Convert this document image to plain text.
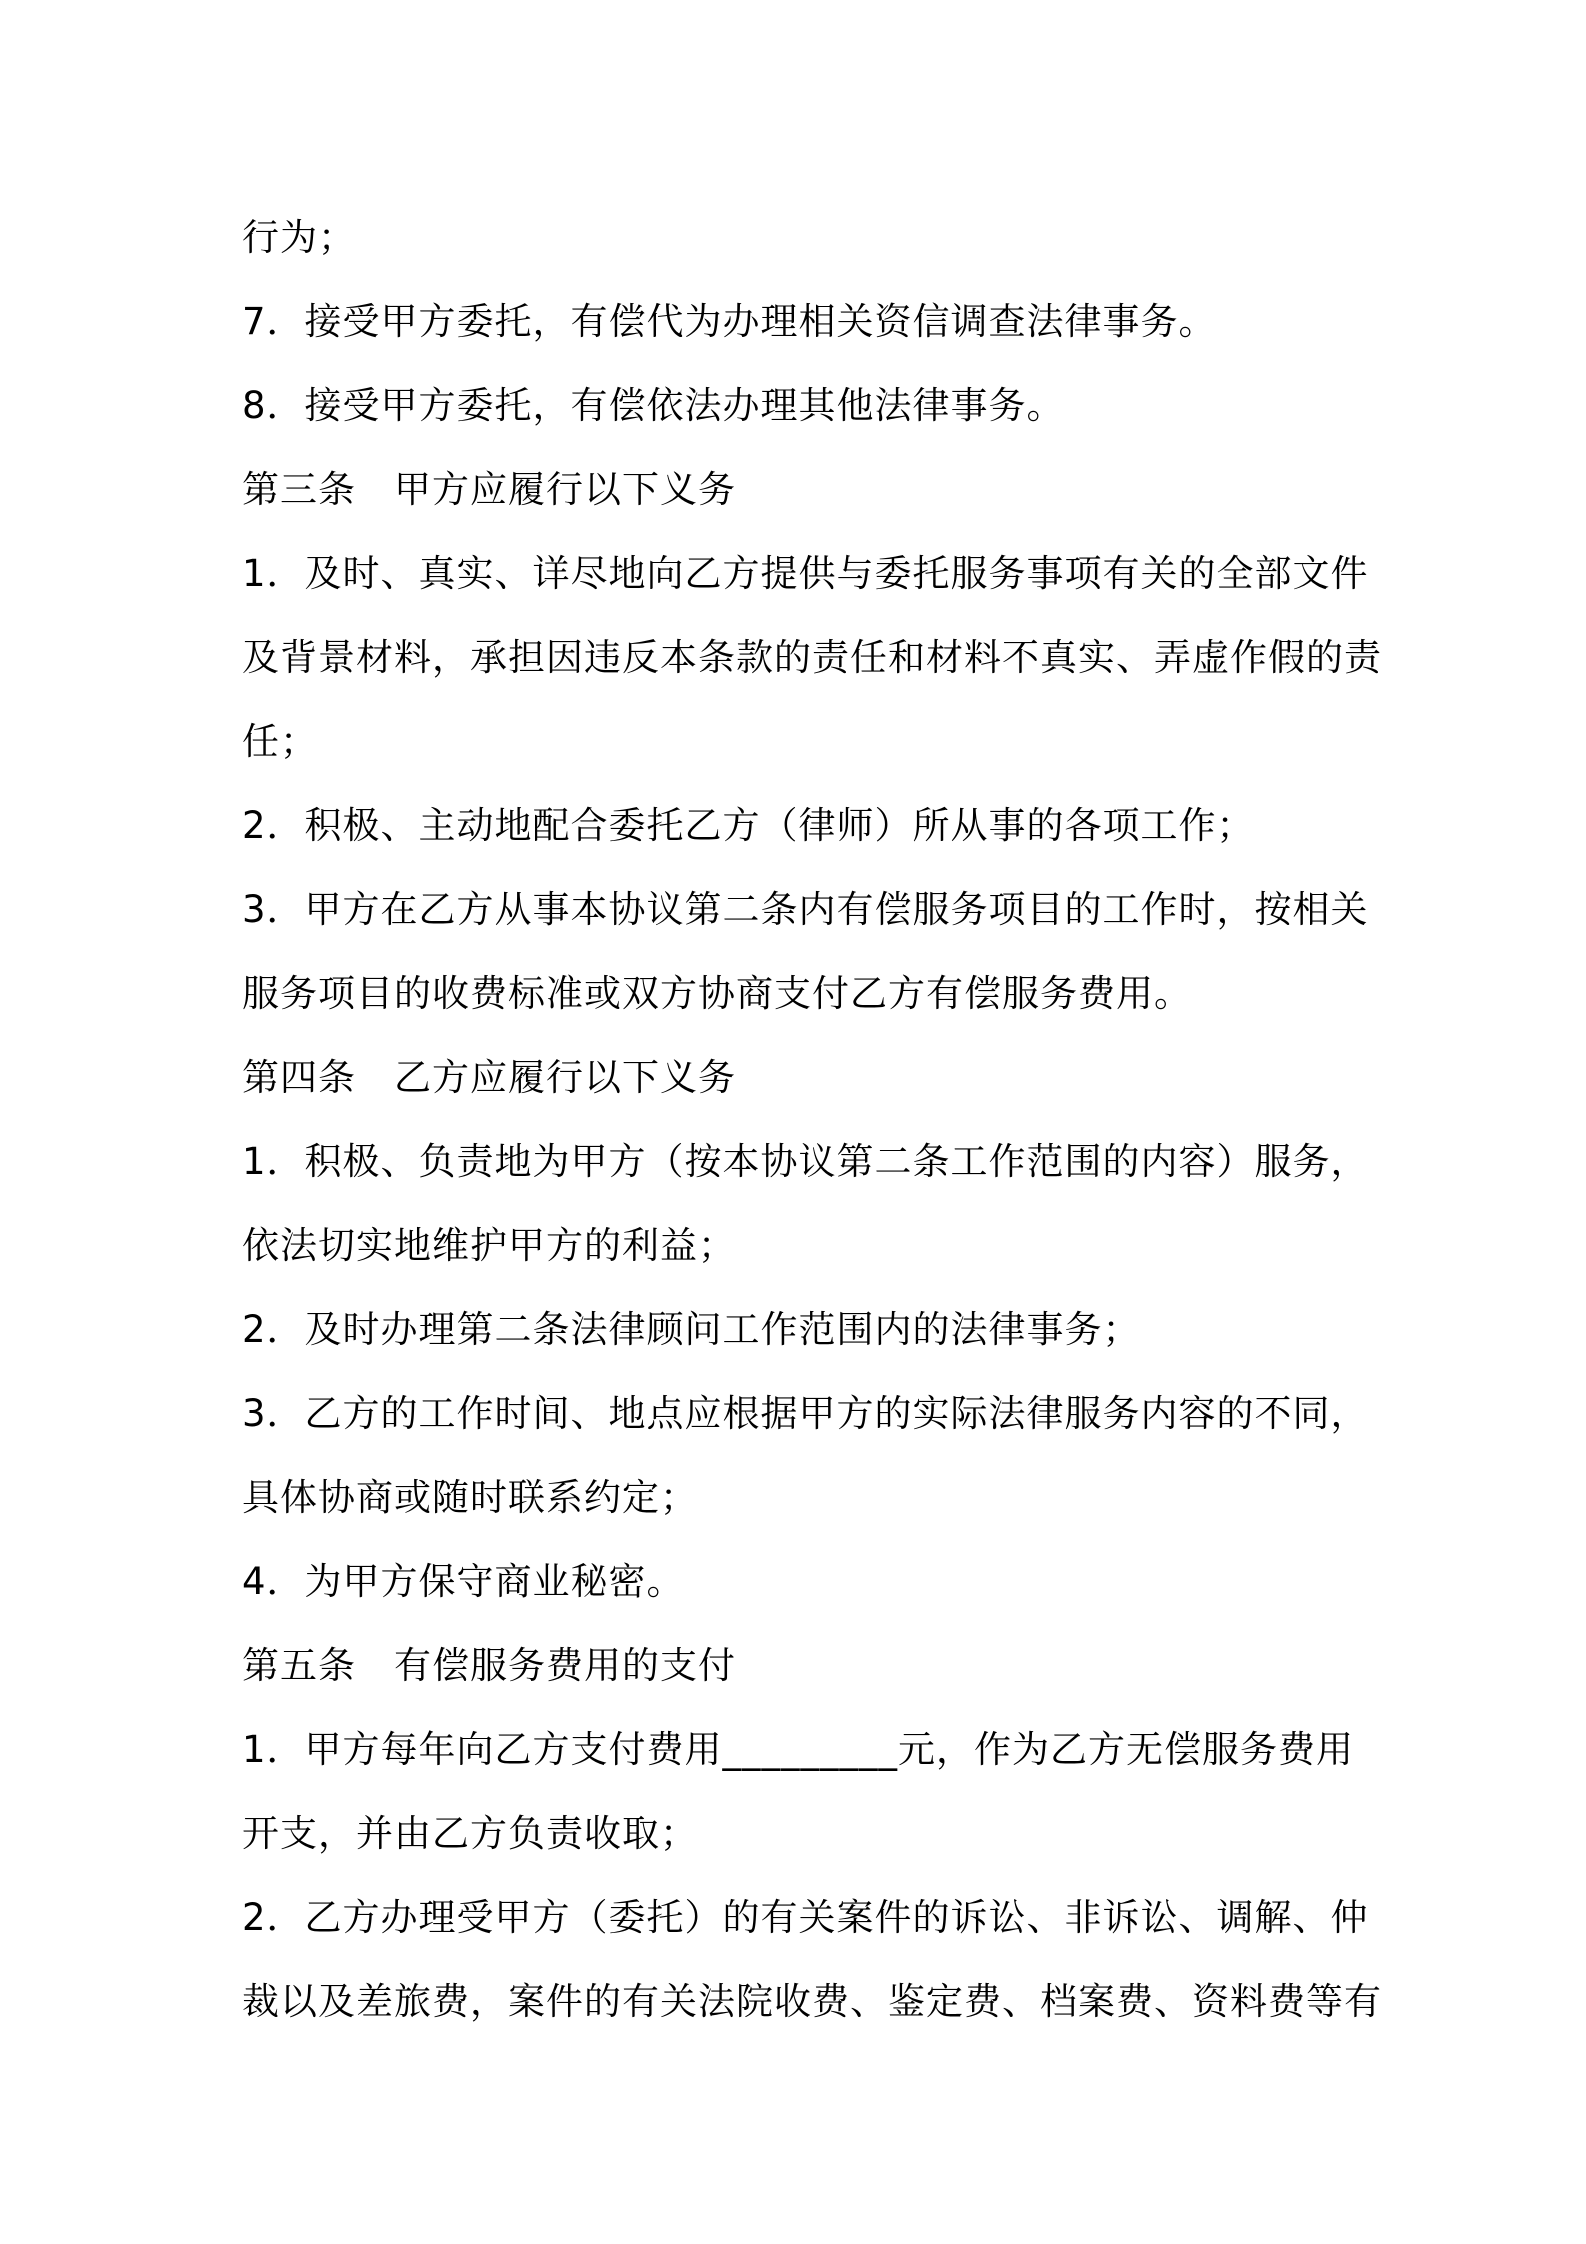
行为；
7．接受甲方委托，有偿代为办理相关资信调查法律事务。
8．接受甲方委托，有偿依法办理其他法律事务。
第三条 甲方应履行以下义务
1．及时、真实、详尽地向乙方提供与委托服务事项有关的全部文件
及背景材料，承担因违反本条款的责任和材料不真实、弄虚作假的责
任；
2．积极、主动地配合委托乙方（律师）所从事的各项工作；
3．甲方在乙方从事本协议第二条内有偿服务项目的工作时，按相关
服务项目的收费标准或双方协商支付乙方有偿服务费用。
第四条 乙方应履行以下义务
1．积极、负责地为甲方（按本协议第二条工作范围的内容）服务，
依法切实地维护甲方的利益；
2．及时办理第二条法律顾问工作范围内的法律事务；
3．乙方的工作时间、地点应根据甲方的实际法律服务内容的不同，
具体协商或随时联系约定；
4．为甲方保守商业秘密。
第五条 有偿服务费用的支付
1．甲方每年向乙方支付费用_________元，作为乙方无偿服务费用
开支，并由乙方负责收取；
2．乙方办理受甲方（委托）的有关案件的诉讼、非诉讼、调解、仲
裁以及差旅费，案件的有关法院收费、鉴定费、档案费、资料费等有
